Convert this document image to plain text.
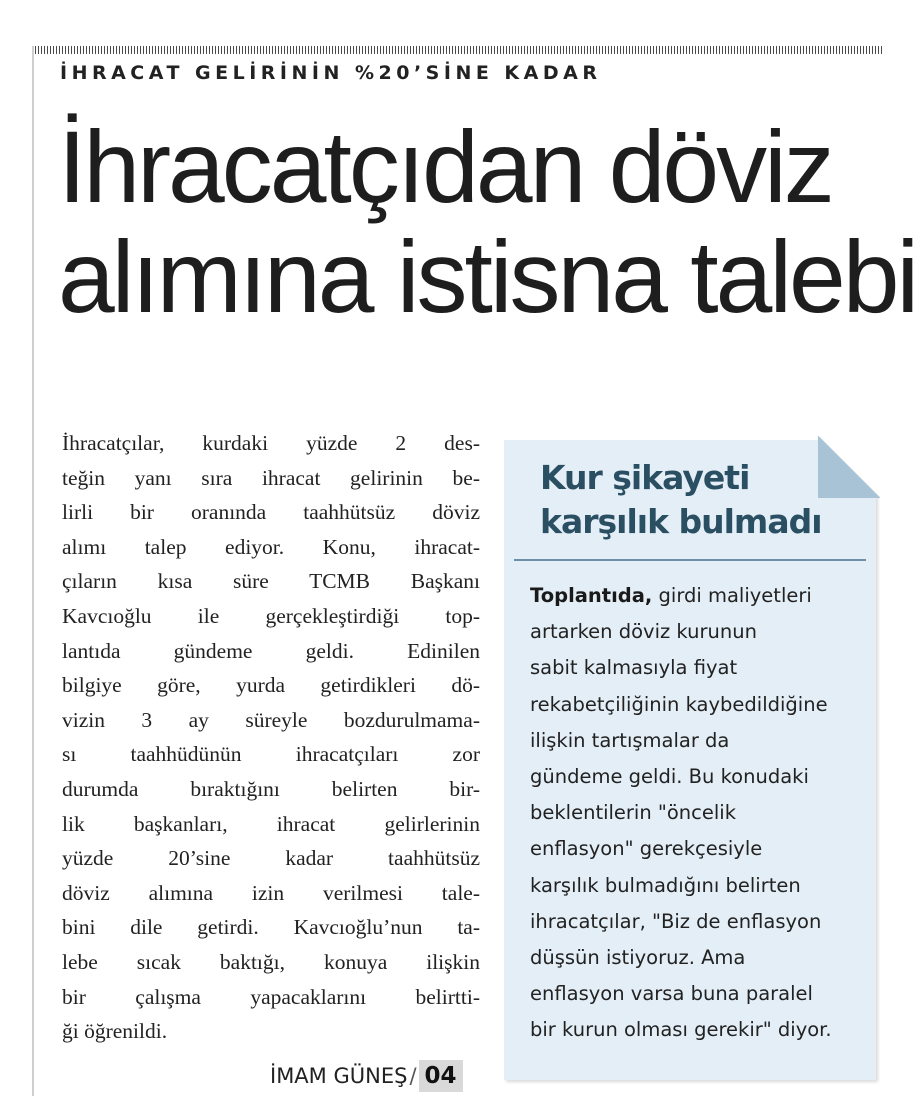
İHRACAT GELİRİNİN %20’SİNE KADAR
İhracatçıdan döviz
alımına istisna talebi
İhracatçılar, kurdaki yüzde 2 des-
teğin yanı sıra ihracat gelirinin be-
lirli bir oranında taahhütsüz döviz
alımı talep ediyor. Konu, ihracat-
çıların kısa süre TCMB Başkanı
Kavcıoğlu ile gerçekleştirdiği top-
lantıda gündeme geldi. Edinilen
bilgiye göre, yurda getirdikleri dö-
vizin 3 ay süreyle bozdurulmama-
sı taahhüdünün ihracatçıları zor
durumda bıraktığını belirten bir-
lik başkanları, ihracat gelirlerinin
yüzde 20’sine kadar taahhütsüz
döviz alımına izin verilmesi tale-
bini dile getirdi. Kavcıoğlu’nun ta-
lebe sıcak baktığı, konuya ilişkin
bir çalışma yapacaklarını belirtti-
ği öğrenildi.
İMAM GÜNEŞ / 04
Kur şikayeti
karşılık bulmadı
Toplantıda, girdi maliyetleri
artarken döviz kurunun
sabit kalmasıyla fiyat
rekabetçiliğinin kaybedildiğine
ilişkin tartışmalar da
gündeme geldi. Bu konudaki
beklentilerin "öncelik
enflasyon" gerekçesiyle
karşılık bulmadığını belirten
ihracatçılar, "Biz de enflasyon
düşsün istiyoruz. Ama
enflasyon varsa buna paralel
bir kurun olması gerekir" diyor.
